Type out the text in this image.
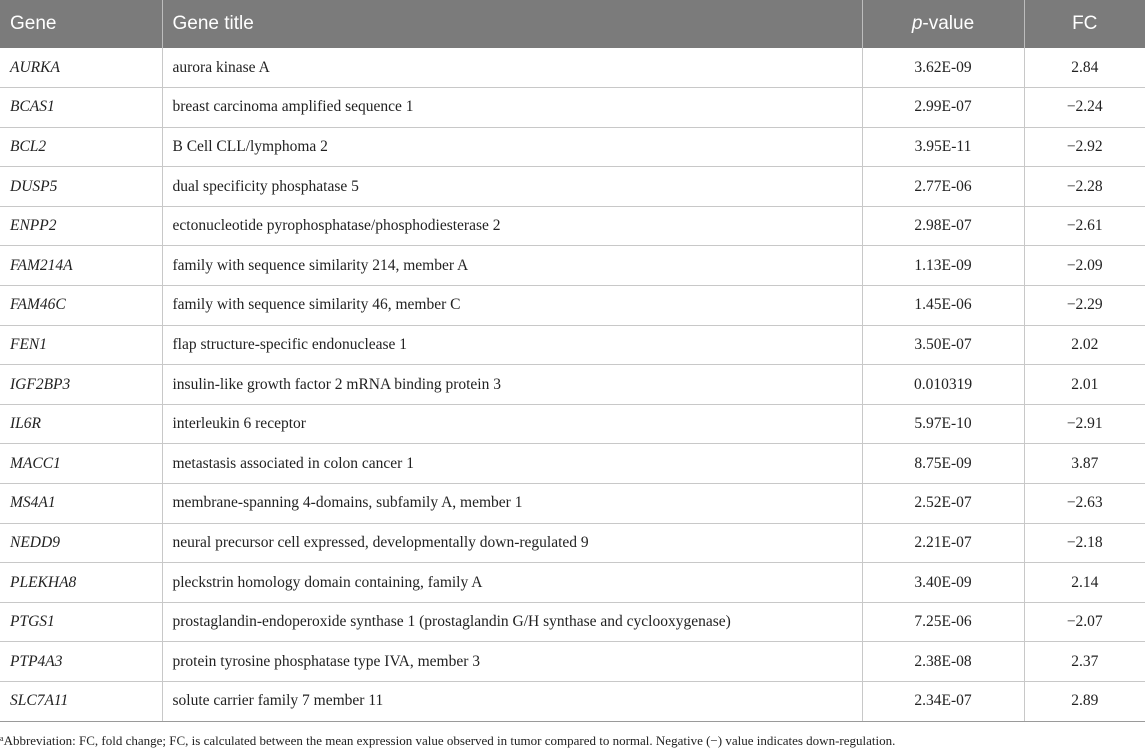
Gene	Gene title	p-value	FC
AURKA	aurora kinase A	3.62E-09	2.84
BCAS1	breast carcinoma amplified sequence 1	2.99E-07	−2.24
BCL2	B Cell CLL/lymphoma 2	3.95E-11	−2.92
DUSP5	dual specificity phosphatase 5	2.77E-06	−2.28
ENPP2	ectonucleotide pyrophosphatase/phosphodiesterase 2	2.98E-07	−2.61
FAM214A	family with sequence similarity 214, member A	1.13E-09	−2.09
FAM46C	family with sequence similarity 46, member C	1.45E-06	−2.29
FEN1	flap structure-specific endonuclease 1	3.50E-07	2.02
IGF2BP3	insulin-like growth factor 2 mRNA binding protein 3	0.010319	2.01
IL6R	interleukin 6 receptor	5.97E-10	−2.91
MACC1	metastasis associated in colon cancer 1	8.75E-09	3.87
MS4A1	membrane-spanning 4-domains, subfamily A, member 1	2.52E-07	−2.63
NEDD9	neural precursor cell expressed, developmentally down-regulated 9	2.21E-07	−2.18
PLEKHA8	pleckstrin homology domain containing, family A	3.40E-09	2.14
PTGS1	prostaglandin-endoperoxide synthase 1 (prostaglandin G/H synthase and cyclooxygenase)	7.25E-06	−2.07
PTP4A3	protein tyrosine phosphatase type IVA, member 3	2.38E-08	2.37
SLC7A11	solute carrier family 7 member 11	2.34E-07	2.89
$^a$Abbreviation: FC, fold change; FC, is calculated between the mean expression value observed in tumor compared to normal. Negative (−) value indicates down-regulation.
